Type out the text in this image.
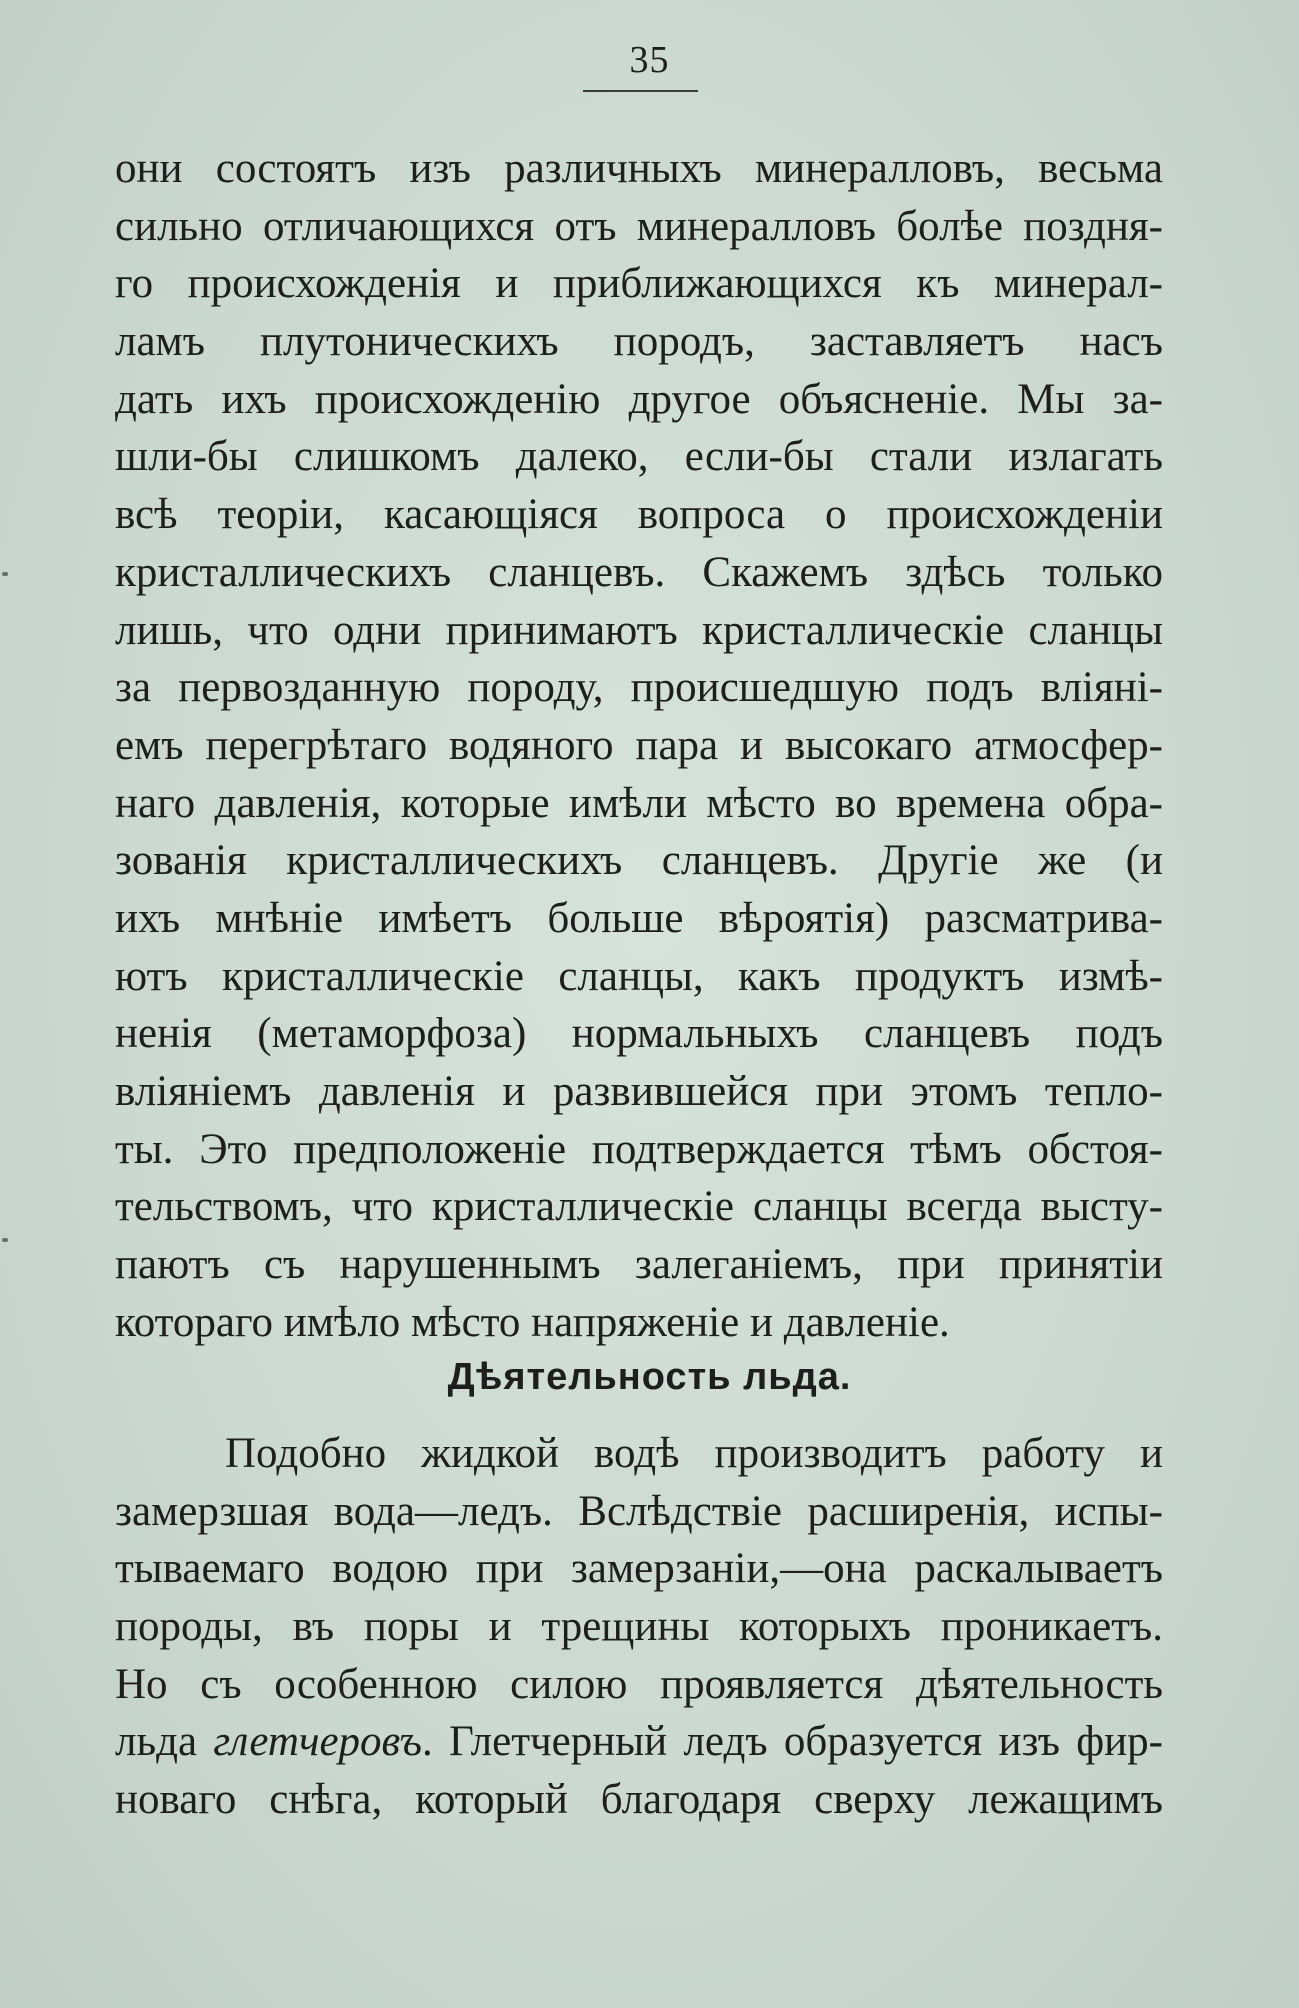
35
они состоятъ изъ различныхъ минералловъ, весьма
сильно отличающихся отъ минералловъ болѣе поздня-
го происхожденія и приближающихся къ минерал-
ламъ плутоническихъ породъ, заставляетъ насъ
дать ихъ происхожденію другое объясненіе. Мы за-
шли-бы слишкомъ далеко, если-бы стали излагать
всѣ теоріи, касающіяся вопроса о происхожденіи
кристаллическихъ сланцевъ. Скажемъ здѣсь только
лишь, что одни принимаютъ кристаллическіе сланцы
за первозданную породу, происшедшую подъ вліяні-
емъ перегрѣтаго водяного пара и высокаго атмосфер-
наго давленія, которые имѣли мѣсто во времена обра-
зованія кристаллическихъ сланцевъ. Другіе же (и
ихъ мнѣніе имѣетъ больше вѣроятія) разсматрива-
ютъ кристаллическіе сланцы, какъ продуктъ измѣ-
ненія (метаморфоза) нормальныхъ сланцевъ подъ
вліяніемъ давленія и развившейся при этомъ тепло-
ты. Это предположеніе подтверждается тѣмъ обстоя-
тельствомъ, что кристаллическіе сланцы всегда высту-
паютъ съ нарушеннымъ залеганіемъ, при принятіи
котораго имѣло мѣсто напряженіе и давленіе.
Дѣятельность льда.
Подобно жидкой водѣ производитъ работу и
замерзшая вода—ледъ. Вслѣдствіе расширенія, испы-
тываемаго водою при замерзаніи,—она раскалываетъ
породы, въ поры и трещины которыхъ проникаетъ.
Но съ особенною силою проявляется дѣятельность
льда глетчеровъ. Глетчерный ледъ образуется изъ фир-
новаго снѣга, который благодаря сверху лежащимъ
